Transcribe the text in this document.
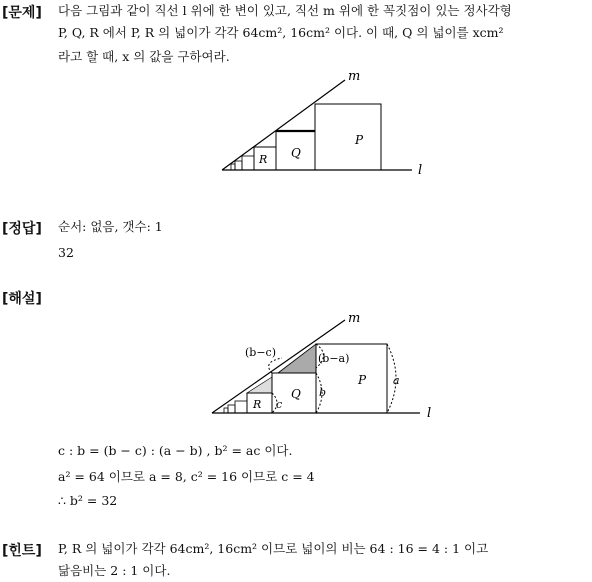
[문제] 다음 그림과 같이 직선 l 위에 한 변이 있고, 직선 m 위에 한 꼭짓점이 있는 정사각형
P, Q, R 에서 P, R 의 넓이가 각각 64cm², 16cm² 이다. 이 때, Q 의 넓이를 xcm²
라고 할 때, x 의 값을 구하여라.
m
l
P
Q
R
[정답] 순서: 없음, 갯수: 1
32
[해설]
m
l
P
Q
R
(b−c)	(b−a)
a
b
c
c : b = (b − c) : (a − b) , b² = ac 이다.
a² = 64 이므로 a = 8, c² = 16 이므로 c = 4
∴ b² = 32
[힌트] P, R 의 넓이가 각각 64cm², 16cm² 이므로 넓이의 비는 64 : 16 = 4 : 1 이고
닮음비는 2 : 1 이다.
